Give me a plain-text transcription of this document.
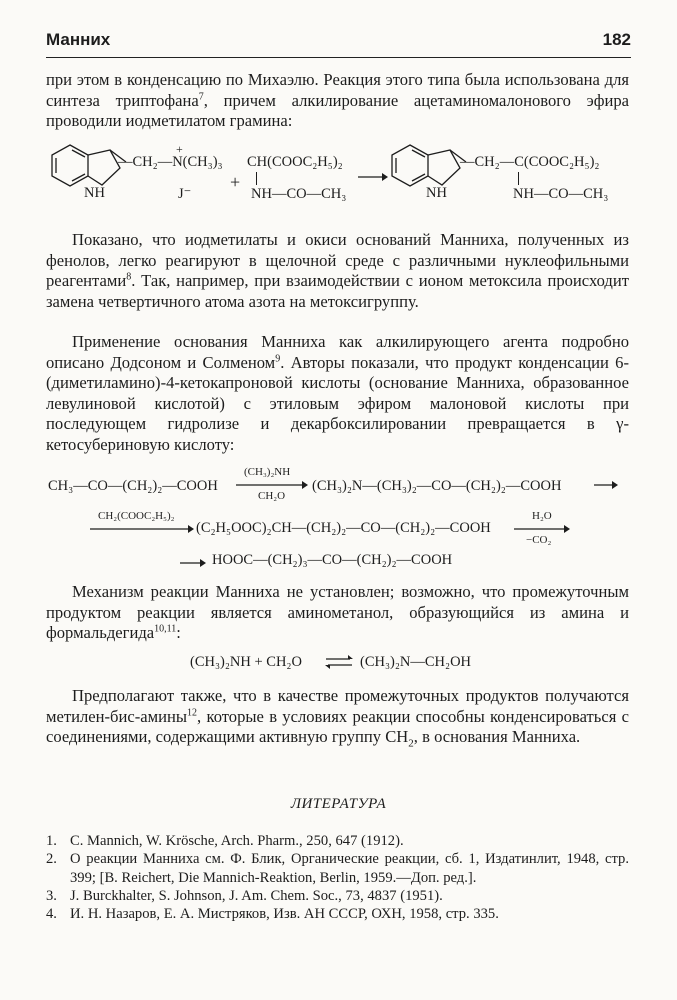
Манних	182

при этом в конденсацию по Михаэлю. Реакция этого типа была использована для синтеза триптофана$^7$, причем алкилирование ацетаминомалонового эфира проводили иодметилатом грамина:

NH
+
—CH₂—N(CH₃)₃
J⁻
+
CH(COOC₂H₅)₂
NH—CO—CH₃	NH
—CH₂—C(COOC₂H₅)₂
NH—CO—CH₃

Показано, что иодметилаты и окиси оснований Манниха, полученных из фенолов, легко реагируют в щелочной среде с различными нуклеофильными реагентами$^8$. Так, например, при взаимодействии с ионом метоксила происходит замена четвертичного атома азота на метоксигруппу.

Применение основания Манниха как алкилирующего агента подробно описано Додсоном и Солменом$^9$. Авторы показали, что продукт конденсации 6-(диметиламино)-4-кетокапроновой кислоты (основание Манниха, образованное левулиновой кислотой) с этиловым эфиром малоновой кислоты при последующем гидролизе и декарбоксилировании превращается в γ-кетосубериновую кислоту:

CH₃—CO—(CH₂)₂—COOH
(CH₃)₂NH
CH₂O
(CH₃)₂N—(CH₃)₂—CO—(CH₂)₂—COOH
CH₂(COOC₂H₅)₂
(C₂H₅OOC)₂CH—(CH₂)₂—CO—(CH₂)₂—COOH
H₂O
−CO₂
HOOC—(CH₂)₃—CO—(CH₂)₂—COOH

Механизм реакции Манниха не установлен; возможно, что промежуточным продуктом реакции является аминометанол, образующийся из амина и формальдегида$^{10,11}$:

(CH₃)₂NH + CH₂O ⇌ (CH₃)₂N—CH₂OH

Предполагают также, что в качестве промежуточных продуктов получаются метилен-бис-амины$^{12}$, которые в условиях реакции способны конденсироваться с соединениями, содержащими активную группу $CH_2$, в основания Манниха.

ЛИТЕРАТУРА
1. C. Mannich, W. Krösche, Arch. Pharm., 250, 647 (1912).
2. О реакции Манниха см. Ф. Блик, Органические реакции, сб. 1, Издатинлит, 1948, стр. 399; [B. Reichert, Die Mannich-Reaktion, Berlin, 1959.—Доп. ред.].
3. J. Burckhalter, S. Johnson, J. Am. Chem. Soc., 73, 4837 (1951).
4. И. Н. Назаров, Е. А. Мистряков, Изв. АН СССР, ОХН, 1958, стр. 335.
